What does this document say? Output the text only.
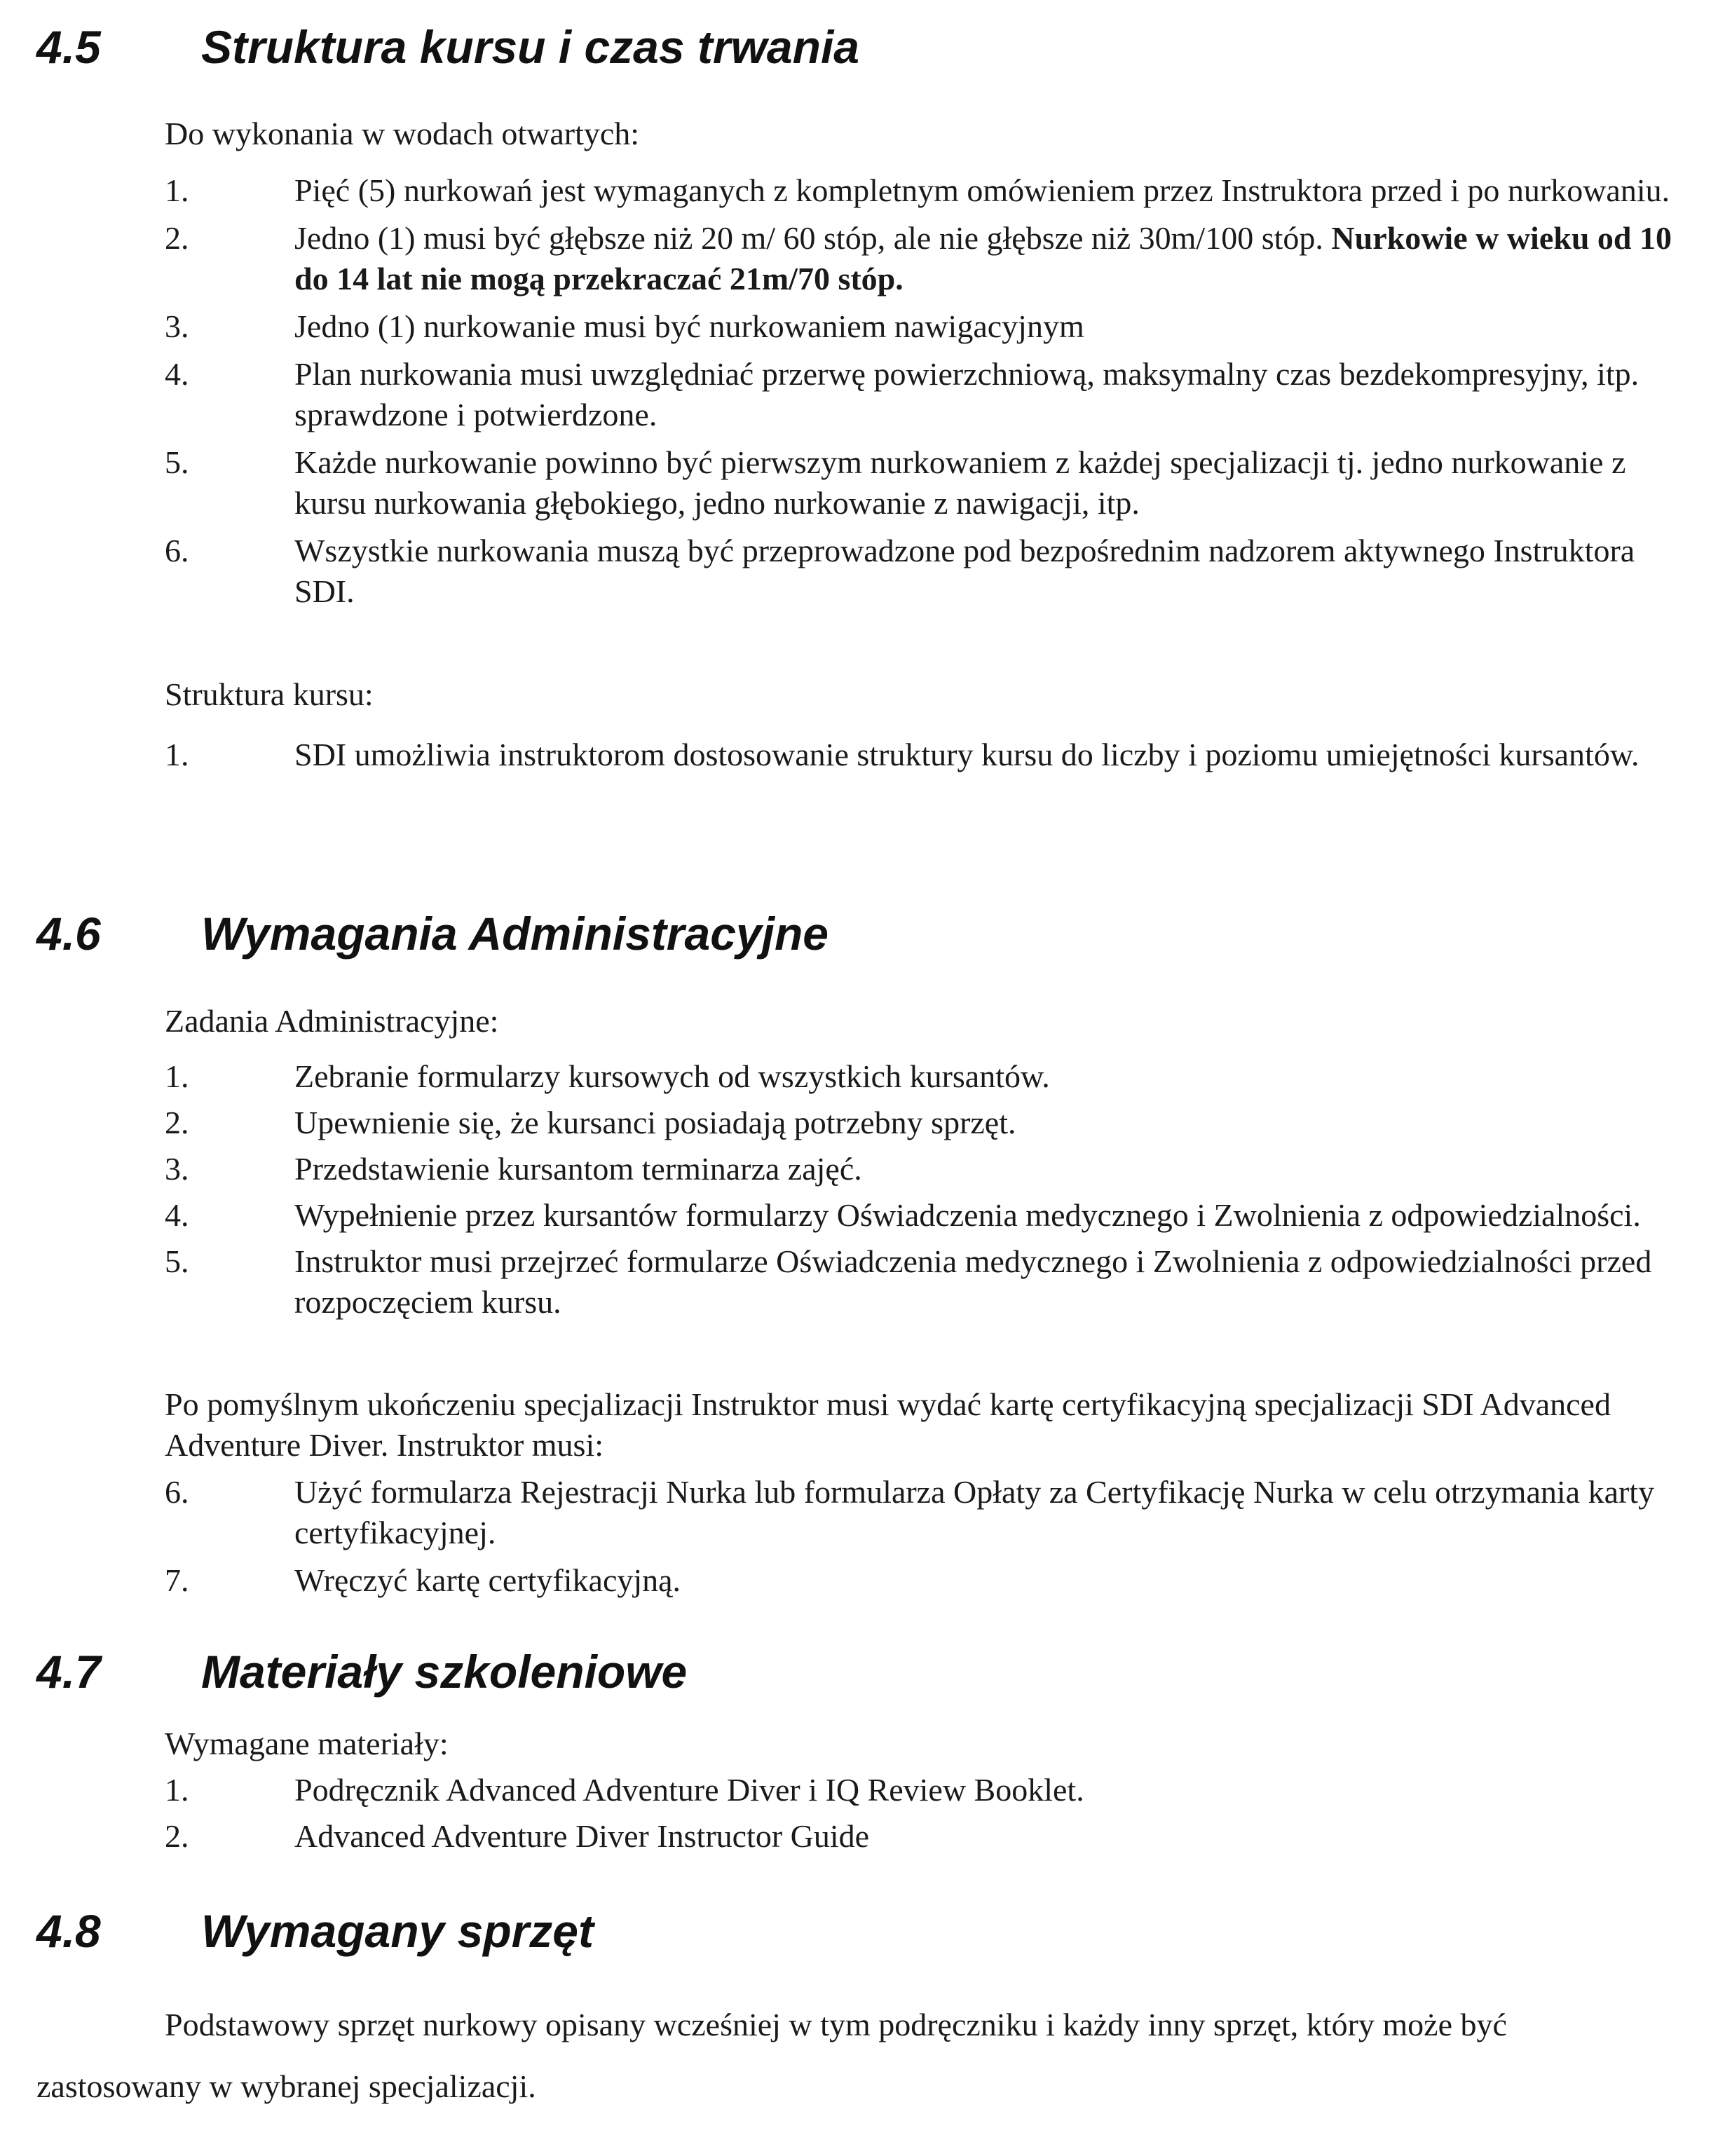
4.5	Struktura kursu i czas trwania
Do wykonania w wodach otwartych:
1.	Pięć (5) nurkowań jest wymaganych z kompletnym omówieniem przez Instruktora przed i po nurkowaniu.
2.	Jedno (1) musi być głębsze niż 20 m/ 60 stóp, ale nie głębsze niż 30m/100 stóp. Nurkowie w wieku od 10 do 14 lat nie mogą przekraczać 21m/70 stóp.
3.	Jedno (1) nurkowanie musi być nurkowaniem nawigacyjnym
4.	Plan nurkowania musi uwzględniać przerwę powierzchniową, maksymalny czas bezdekompresyjny, itp. sprawdzone i potwierdzone.
5.	Każde nurkowanie powinno być pierwszym nurkowaniem z każdej specjalizacji tj. jedno nurkowanie z kursu nurkowania głębokiego, jedno nurkowanie z nawigacji, itp.
6.	Wszystkie nurkowania muszą być przeprowadzone pod bezpośrednim nadzorem aktywnego Instruktora SDI.
Struktura kursu:
1.	SDI umożliwia instruktorom dostosowanie struktury kursu do liczby i poziomu umiejętności kursantów.
4.6	Wymagania Administracyjne
Zadania Administracyjne:
1.	Zebranie formularzy kursowych od wszystkich kursantów.
2.	Upewnienie się, że kursanci posiadają potrzebny sprzęt.
3.	Przedstawienie kursantom terminarza zajęć.
4.	Wypełnienie przez kursantów formularzy Oświadczenia medycznego i Zwolnienia z odpowiedzialności.
5.	Instruktor musi przejrzeć formularze Oświadczenia medycznego i Zwolnienia z odpowiedzialności przed rozpoczęciem kursu.
Po pomyślnym ukończeniu specjalizacji Instruktor musi wydać kartę certyfikacyjną specjalizacji SDI Advanced Adventure Diver. Instruktor musi:
6.	Użyć formularza Rejestracji Nurka lub formularza Opłaty za Certyfikację Nurka w celu otrzymania karty certyfikacyjnej.
7.	Wręczyć kartę certyfikacyjną.
4.7	Materiały szkoleniowe
Wymagane materiały:
1.	Podręcznik Advanced Adventure Diver i IQ Review Booklet.
2.	Advanced Adventure Diver Instructor Guide
4.8	Wymagany sprzęt
Podstawowy sprzęt nurkowy opisany wcześniej w tym podręczniku i każdy inny sprzęt, który może być zastosowany w wybranej specjalizacji.
